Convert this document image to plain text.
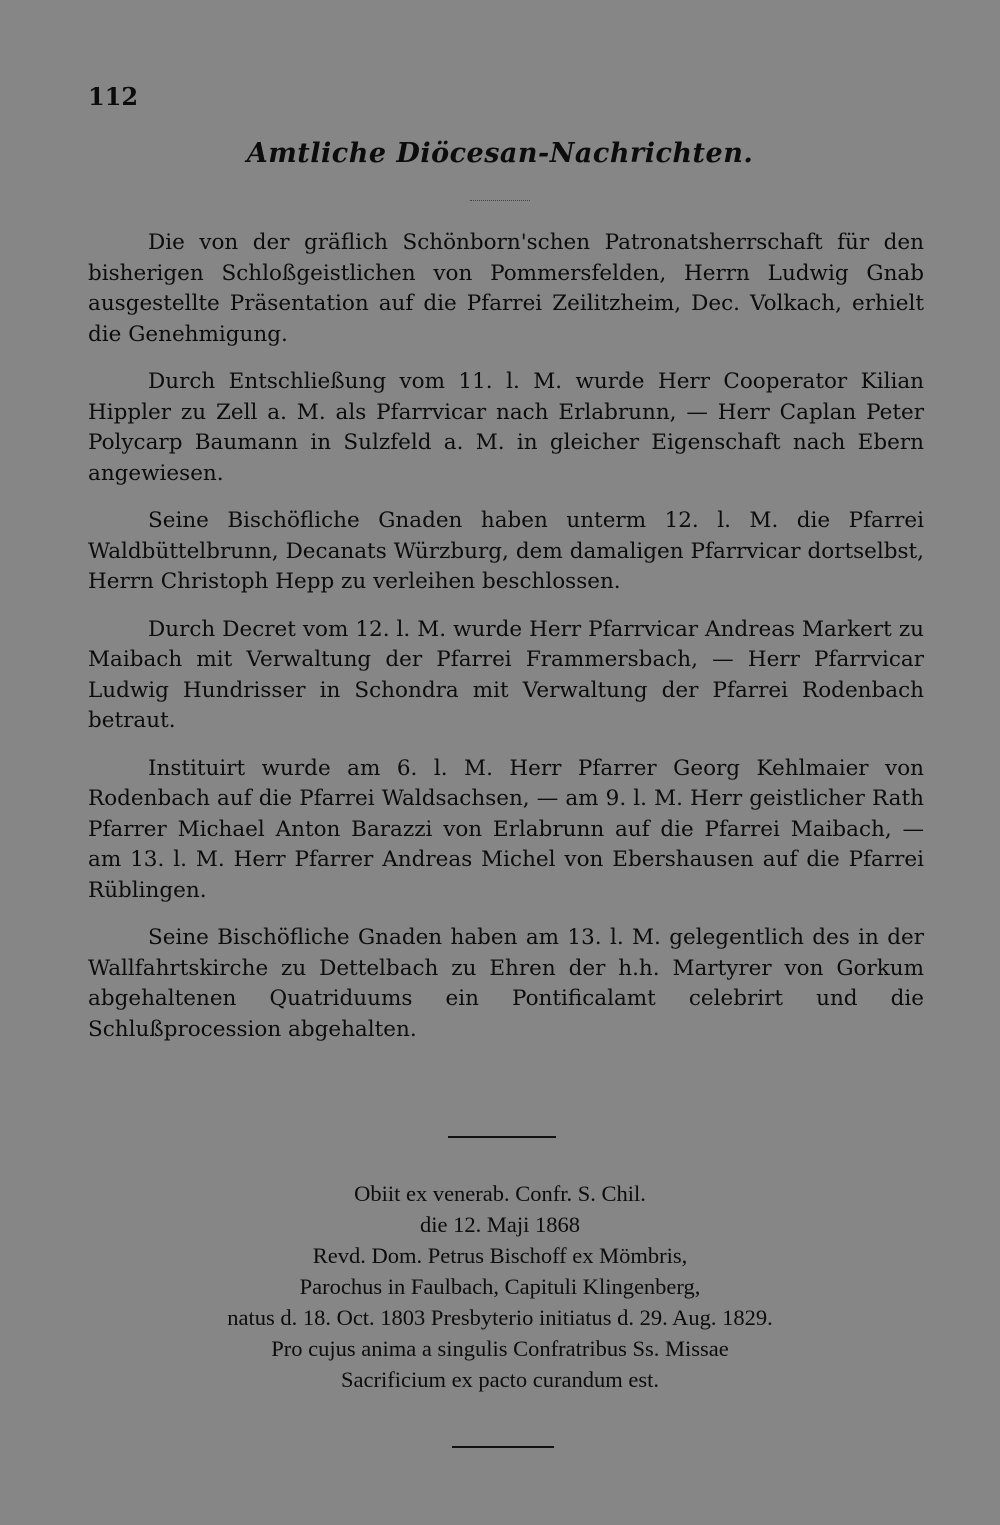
112
Amtliche Diöcesan-Nachrichten.

Die von der gräflich Schönborn'schen Patronatsherrschaft für den bisherigen Schloßgeistlichen von Pommersfelden, Herrn Ludwig Gnab ausgestellte Präsentation auf die Pfarrei Zeilitzheim, Dec. Volkach, erhielt die Genehmigung.

Durch Entschließung vom 11. l. M. wurde Herr Cooperator Kilian Hippler zu Zell a. M. als Pfarrvicar nach Erlabrunn, — Herr Caplan Peter Polycarp Baumann in Sulzfeld a. M. in gleicher Eigenschaft nach Ebern angewiesen.

Seine Bischöfliche Gnaden haben unterm 12. l. M. die Pfarrei Waldbüttelbrunn, Decanats Würzburg, dem damaligen Pfarrvicar dortselbst, Herrn Christoph Hepp zu verleihen beschlossen.

Durch Decret vom 12. l. M. wurde Herr Pfarrvicar Andreas Markert zu Maibach mit Verwaltung der Pfarrei Frammersbach, — Herr Pfarrvicar Ludwig Hundrisser in Schondra mit Verwaltung der Pfarrei Rodenbach betraut.

Instituirt wurde am 6. l. M. Herr Pfarrer Georg Kehlmaier von Rodenbach auf die Pfarrei Waldsachsen, — am 9. l. M. Herr geistlicher Rath Pfarrer Michael Anton Barazzi von Erlabrunn auf die Pfarrei Maibach, — am 13. l. M. Herr Pfarrer Andreas Michel von Ebershausen auf die Pfarrei Rüblingen.

Seine Bischöfliche Gnaden haben am 13. l. M. gelegentlich des in der Wallfahrtskirche zu Dettelbach zu Ehren der h.h. Martyrer von Gorkum abgehaltenen Quatriduums ein Pontificalamt celebrirt und die Schlußprocession abgehalten.

Obiit ex venerab. Confr. S. Chil.
die 12. Maji 1868
Revd. Dom. Petrus Bischoff ex Mömbris,
Parochus in Faulbach, Capituli Klingenberg,
natus d. 18. Oct. 1803 Presbyterio initiatus d. 29. Aug. 1829.
Pro cujus anima a singulis Confratribus Ss. Missae
Sacrificium ex pacto curandum est.
